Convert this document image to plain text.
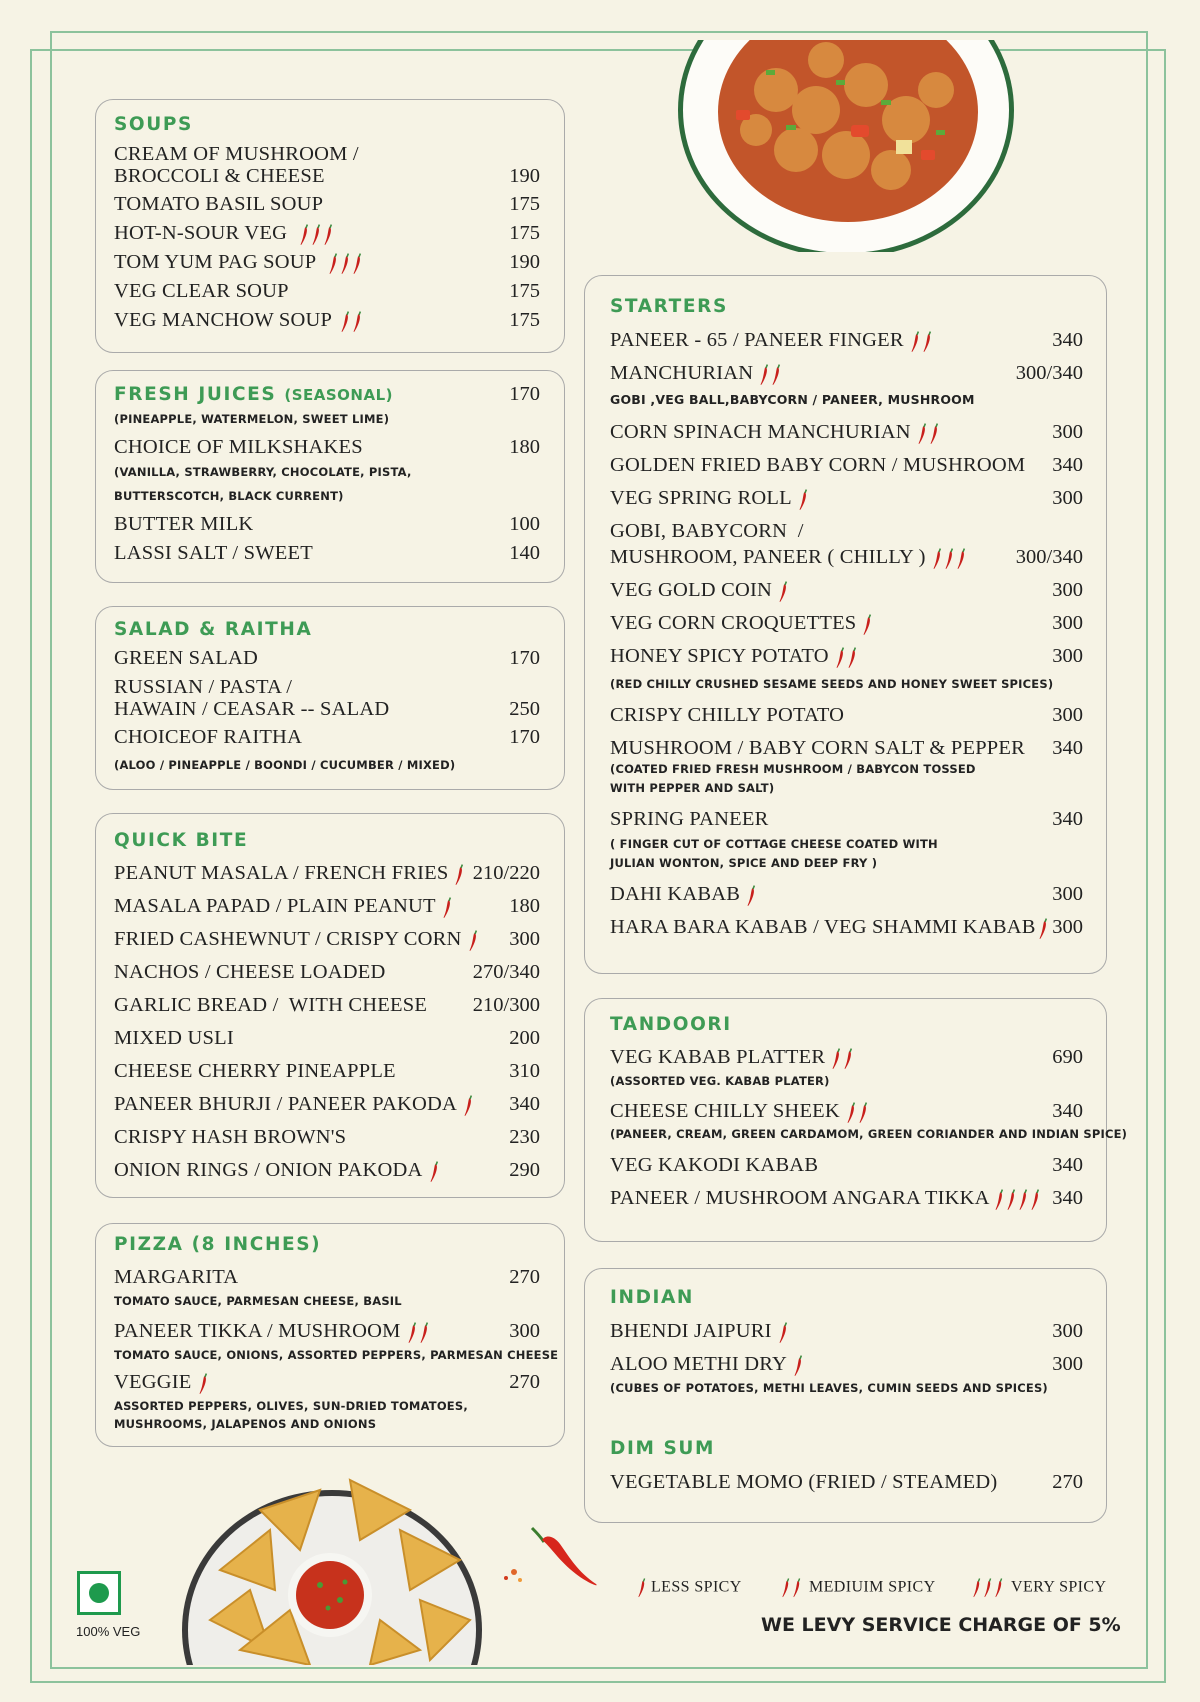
SOUPS
CREAM OF MUSHROOM /
BROCCOLI & CHEESE	190
TOMATO BASIL SOUP	175
HOT-N-SOUR VEG	175
TOM YUM PAG SOUP	190
VEG CLEAR SOUP	175
VEG MANCHOW SOUP	175
FRESH JUICES (SEASONAL)	170
(PINEAPPLE, WATERMELON, SWEET LIME)
CHOICE OF MILKSHAKES	180
(VANILLA, STRAWBERRY, CHOCOLATE, PISTA,
BUTTERSCOTCH, BLACK CURRENT)
BUTTER MILK	100
LASSI SALT / SWEET	140
SALAD & RAITHA
GREEN SALAD	170
RUSSIAN / PASTA /
HAWAIN / CEASAR -- SALAD	250
CHOICEOF RAITHA	170
(ALOO / PINEAPPLE / BOONDI / CUCUMBER / MIXED)
QUICK BITE
PEANUT MASALA / FRENCH FRIES	210/220
MASALA PAPAD / PLAIN PEANUT	180
FRIED CASHEWNUT / CRISPY CORN	300
NACHOS / CHEESE LOADED	270/340
GARLIC BREAD /  WITH CHEESE 210/300
MIXED USLI	200
CHEESE CHERRY PINEAPPLE	310
PANEER BHURJI / PANEER PAKODA	340
CRISPY HASH BROWN'S	230
ONION RINGS / ONION PAKODA	290
PIZZA (8 INCHES)
MARGARITA	270
TOMATO SAUCE, PARMESAN CHEESE, BASIL
PANEER TIKKA / MUSHROOM	300
TOMATO SAUCE, ONIONS, ASSORTED PEPPERS, PARMESAN CHEESE
VEGGIE	270
ASSORTED PEPPERS, OLIVES, SUN-DRIED TOMATOES,
MUSHROOMS, JALAPENOS AND ONIONS
STARTERS
PANEER - 65 / PANEER FINGER	340
MANCHURIAN	300/340
GOBI ,VEG BALL,BABYCORN / PANEER, MUSHROOM
CORN SPINACH MANCHURIAN	300
GOLDEN FRIED BABY CORN / MUSHROOM 340
VEG SPRING ROLL	300
GOBI, BABYCORN  /
MUSHROOM, PANEER ( CHILLY )	300/340
VEG GOLD COIN	300
VEG CORN CROQUETTES	300
HONEY SPICY POTATO	300
(RED CHILLY CRUSHED SESAME SEEDS AND HONEY SWEET SPICES)
CRISPY CHILLY POTATO	300
MUSHROOM / BABY CORN SALT & PEPPER 340
(COATED FRIED FRESH MUSHROOM / BABYCON TOSSED
WITH PEPPER AND SALT)
SPRING PANEER	340
( FINGER CUT OF COTTAGE CHEESE COATED WITH
JULIAN WONTON, SPICE AND DEEP FRY )
DAHI KABAB	300
HARA BARA KABAB / VEG SHAMMI KABAB 300
TANDOORI
VEG KABAB PLATTER	690
(ASSORTED VEG. KABAB PLATER)
CHEESE CHILLY SHEEK	340
(PANEER, CREAM, GREEN CARDAMOM, GREEN CORIANDER AND INDIAN SPICE)
VEG KAKODI KABAB	340
PANEER / MUSHROOM ANGARA TIKKA	340
INDIAN
BHENDI JAIPURI	300
ALOO METHI DRY	300
(CUBES OF POTATOES, METHI LEAVES, CUMIN SEEDS AND SPICES)
DIM SUM
VEGETABLE MOMO (FRIED / STEAMED)	270
LESS SPICY	MEDIUIM SPICY	VERY SPICY
WE LEVY SERVICE CHARGE OF 5%
100% VEG
